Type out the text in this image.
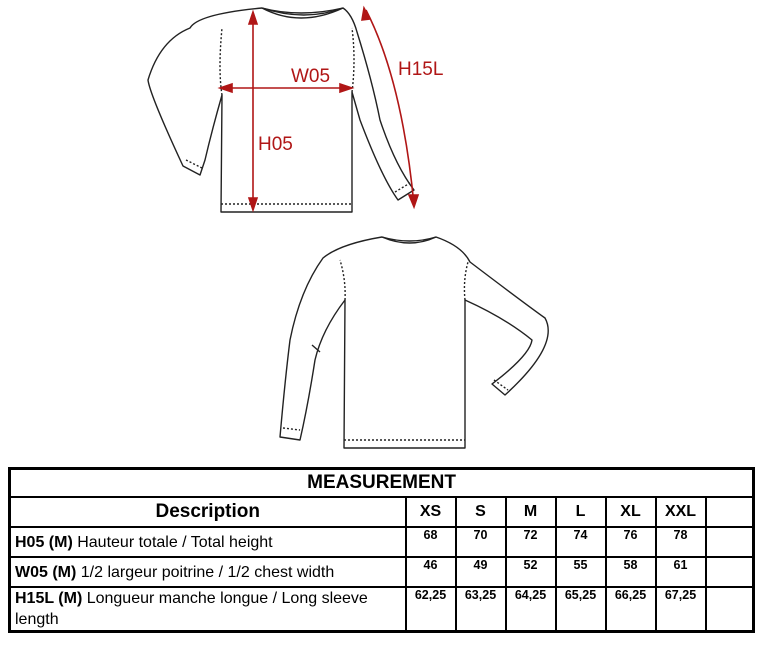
W05
H05
H15L
MEASUREMENT							
Description	XS	S	M	L	XL	XXL	
H05 (M) Hauteur totale / Total height	68	70	72	74	76	78	
W05 (M) 1/2 largeur poitrine / 1/2 chest width	46	49	52	55	58	61	
H15L (M) Longueur manche longue / Long sleeve length	62,25	63,25	64,25	65,25	66,25	67,25	
